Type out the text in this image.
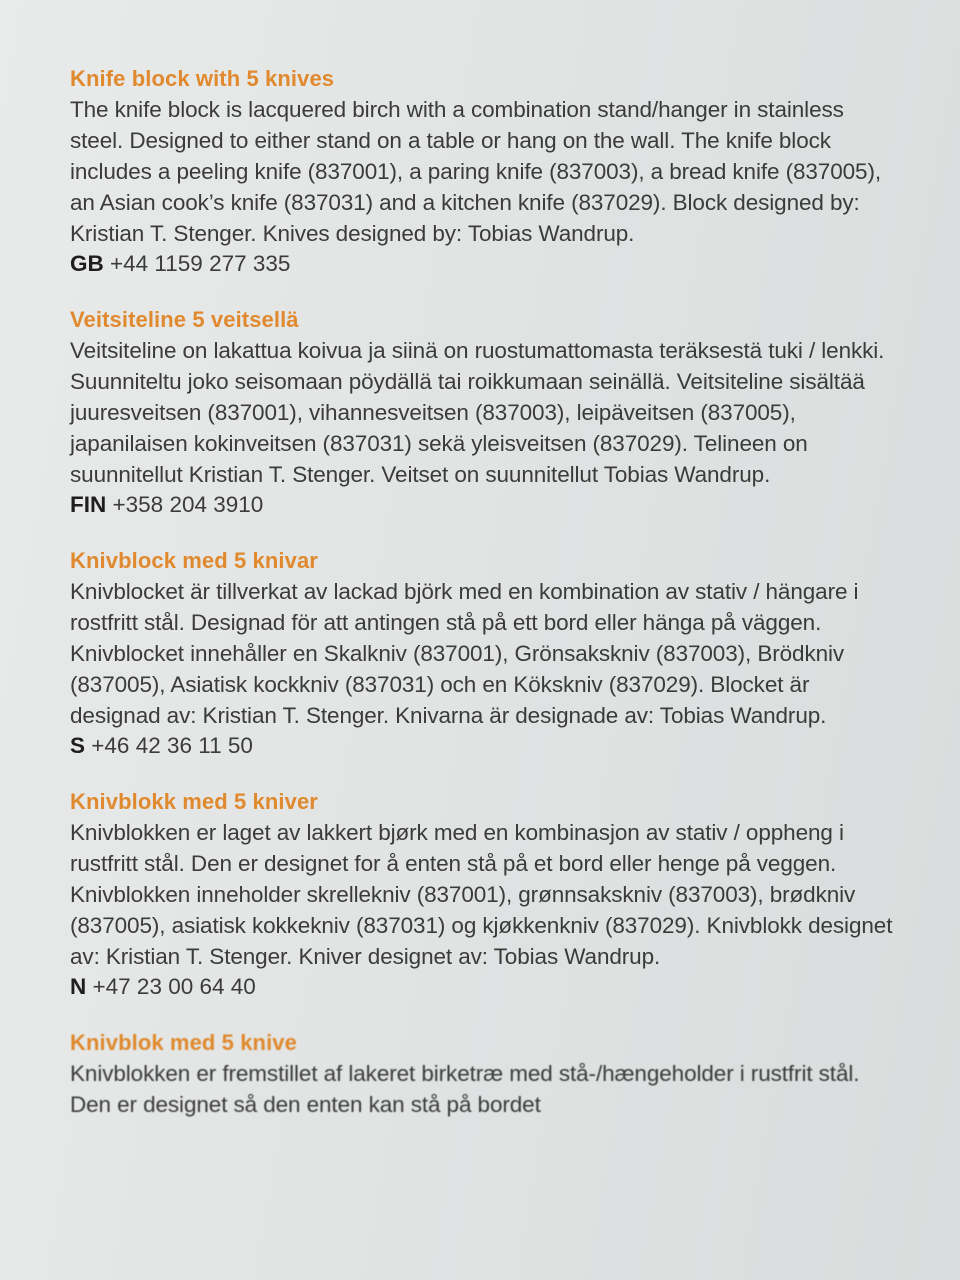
Knife block with 5 knives

The knife block is lacquered birch with a combination stand/hanger in stainless steel. Designed to either stand on a table or hang on the wall. The knife block includes a peeling knife (837001), a paring knife (837003), a bread knife (837005), an Asian cook’s knife (837031) and a kitchen knife (837029). Block designed by: Kristian T. Stenger. Knives designed by: Tobias Wandrup.

GB +44 1159 277 335

Veitsiteline 5 veitsellä

Veitsiteline on lakattua koivua ja siinä on ruostumattomasta teräksestä tuki / lenkki. Suunniteltu joko seisomaan pöydällä tai roikkumaan seinällä. Veitsiteline sisältää juuresveitsen (837001), vihannesveitsen (837003), leipäveitsen (837005), japanilaisen kokinveitsen (837031) sekä yleisveitsen (837029). Telineen on suunnitellut Kristian T. Stenger. Veitset on suunnitellut Tobias Wandrup.

FIN +358 204 3910

Knivblock med 5 knivar

Knivblocket är tillverkat av lackad björk med en kombination av stativ / hängare i rostfritt stål. Designad för att antingen stå på ett bord eller hänga på väggen. Knivblocket innehåller en Skalkniv (837001), Grönsakskniv (837003), Brödkniv (837005), Asiatisk kockkniv (837031) och en Kökskniv (837029). Blocket är designad av: Kristian T. Stenger. Knivarna är designade av: Tobias Wandrup.

S +46 42 36 11 50

Knivblokk med 5 kniver

Knivblokken er laget av lakkert bjørk med en kombinasjon av stativ / oppheng i rustfritt stål. Den er designet for å enten stå på et bord eller henge på veggen. Knivblokken inneholder skrellekniv (837001), grønnsakskniv (837003), brødkniv (837005), asiatisk kokkekniv (837031) og kjøkkenkniv (837029). Knivblokk designet av: Kristian T. Stenger. Kniver designet av: Tobias Wandrup.

N +47 23 00 64 40

Knivblok med 5 knive

Knivblokken er fremstillet af lakeret birketræ med stå-/hængeholder i rustfrit stål. Den er designet så den enten kan stå på bordet
